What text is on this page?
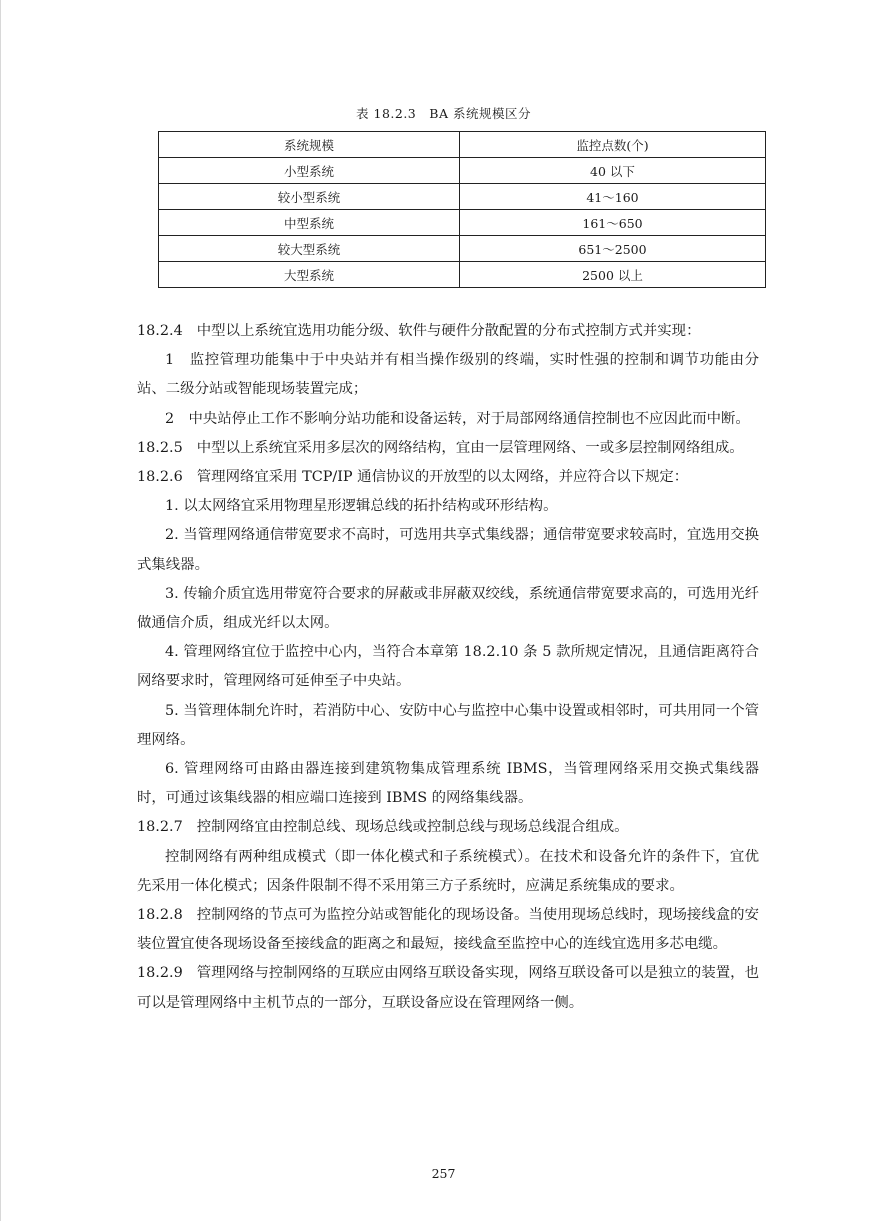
表 18.2.3　BA 系统规模区分
系统规模	监控点数(个)
小型系统	40 以下
较小型系统	41～160
中型系统	161～650
较大型系统	651～2500
大型系统	2500 以上

18.2.4 中型以上系统宜选用功能分级、软件与硬件分散配置的分布式控制方式并实现：

1　监控管理功能集中于中央站并有相当操作级别的终端，实时性强的控制和调节功能由分站、二级分站或智能现场装置完成；

2　中央站停止工作不影响分站功能和设备运转，对于局部网络通信控制也不应因此而中断。

18.2.5 中型以上系统宜采用多层次的网络结构，宜由一层管理网络、一或多层控制网络组成。

18.2.6 管理网络宜采用 TCP/IP 通信协议的开放型的以太网络，并应符合以下规定：

1. 以太网络宜采用物理星形逻辑总线的拓扑结构或环形结构。

2. 当管理网络通信带宽要求不高时，可选用共享式集线器；通信带宽要求较高时，宜选用交换式集线器。

3. 传输介质宜选用带宽符合要求的屏蔽或非屏蔽双绞线，系统通信带宽要求高的，可选用光纤做通信介质，组成光纤以太网。

4. 管理网络宜位于监控中心内，当符合本章第 18.2.10 条 5 款所规定情况，且通信距离符合网络要求时，管理网络可延伸至子中央站。

5. 当管理体制允许时，若消防中心、安防中心与监控中心集中设置或相邻时，可共用同一个管理网络。

6. 管理网络可由路由器连接到建筑物集成管理系统 IBMS，当管理网络采用交换式集线器时，可通过该集线器的相应端口连接到 IBMS 的网络集线器。

18.2.7 控制网络宜由控制总线、现场总线或控制总线与现场总线混合组成。

控制网络有两种组成模式（即一体化模式和子系统模式）。在技术和设备允许的条件下，宜优先采用一体化模式；因条件限制不得不采用第三方子系统时，应满足系统集成的要求。

18.2.8 控制网络的节点可为监控分站或智能化的现场设备。当使用现场总线时，现场接线盒的安装位置宜使各现场设备至接线盒的距离之和最短，接线盒至监控中心的连线宜选用多芯电缆。

18.2.9 管理网络与控制网络的互联应由网络互联设备实现，网络互联设备可以是独立的装置，也可以是管理网络中主机节点的一部分，互联设备应设在管理网络一侧。

257
